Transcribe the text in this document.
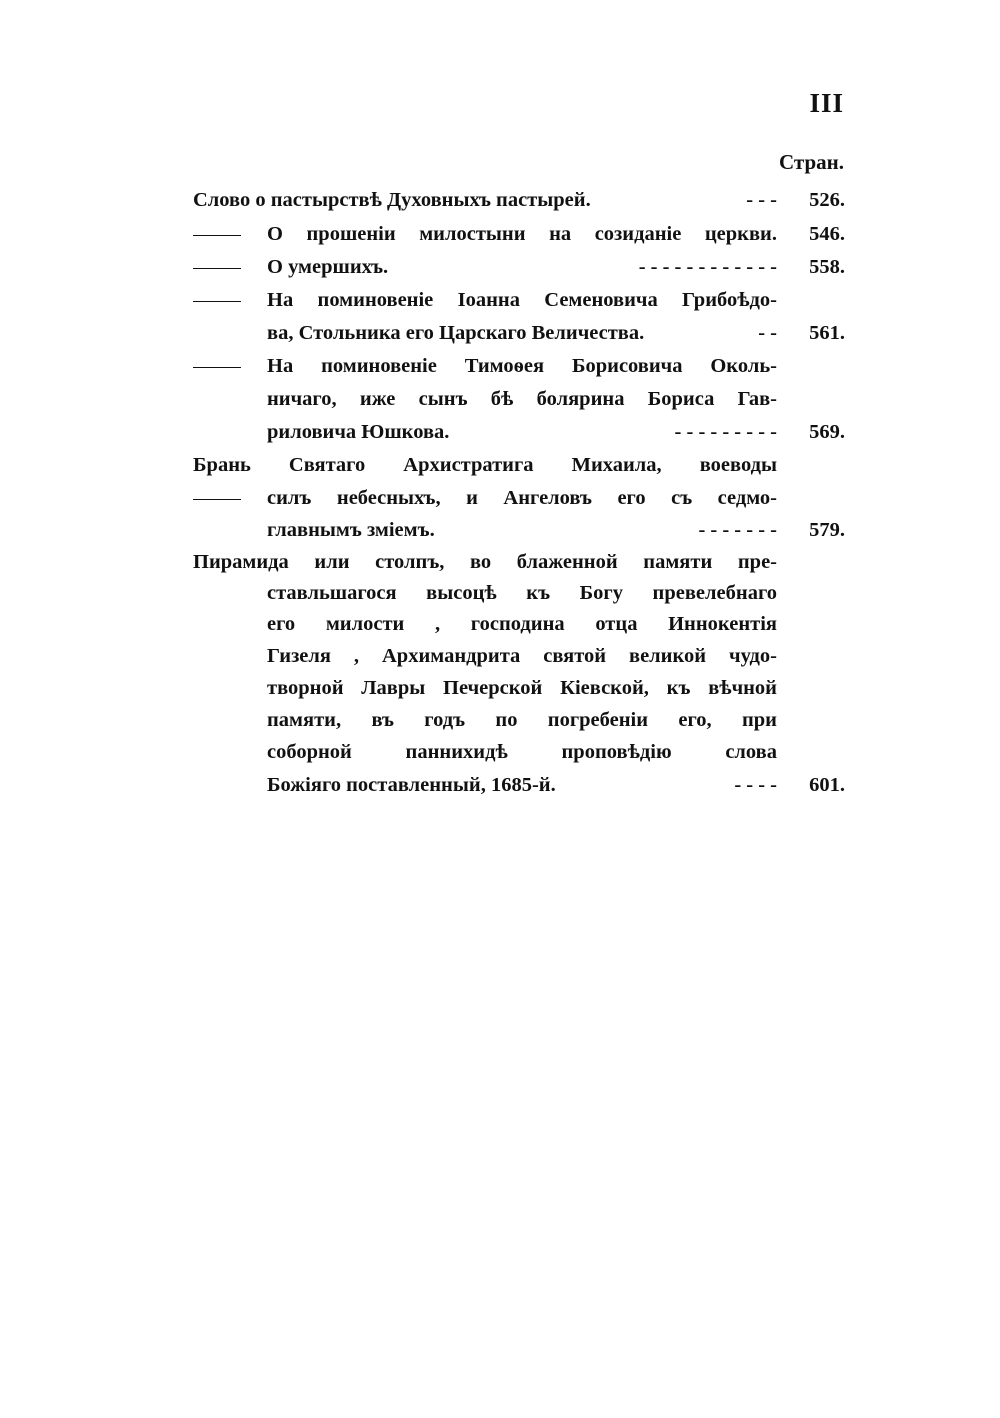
III
Стран.
Слово о пастырствѣ Духовныхъ пастырей.	- - - 526.
О прошеніи милостыни на созиданіе церкви. 546.
О умершихъ.	- - - - - - - - - - - - 558.
На поминовеніе Іоанна Семеновича Грибоѣдо-
ва, Стольника его Царскаго Величества.	- - 561.
На поминовеніе Тимоѳея Борисовича Околь-
ничаго, иже сынъ бѣ болярина Бориса Гав-
риловича Юшкова.	- - - - - - - - - 569.
Брань Святаго Архистратига Михаила, воеводы
силъ небесныхъ, и Ангеловъ его съ седмо-
главнымъ зміемъ.	- - - - - - - 579.
Пирамида или столпъ, во блаженной памяти пре-
ставльшагося высоцѣ къ Богу превелебнаго
его милости , господина отца Иннокентія
Гизеля , Архимандрита святой великой чудо-
творной Лавры Печерской Кіевской, къ вѣчной
памяти, въ годъ по погребеніи его, при
соборной паннихидѣ проповѣдію слова
Божіяго поставленный, 1685-й.	- - - - 601.
